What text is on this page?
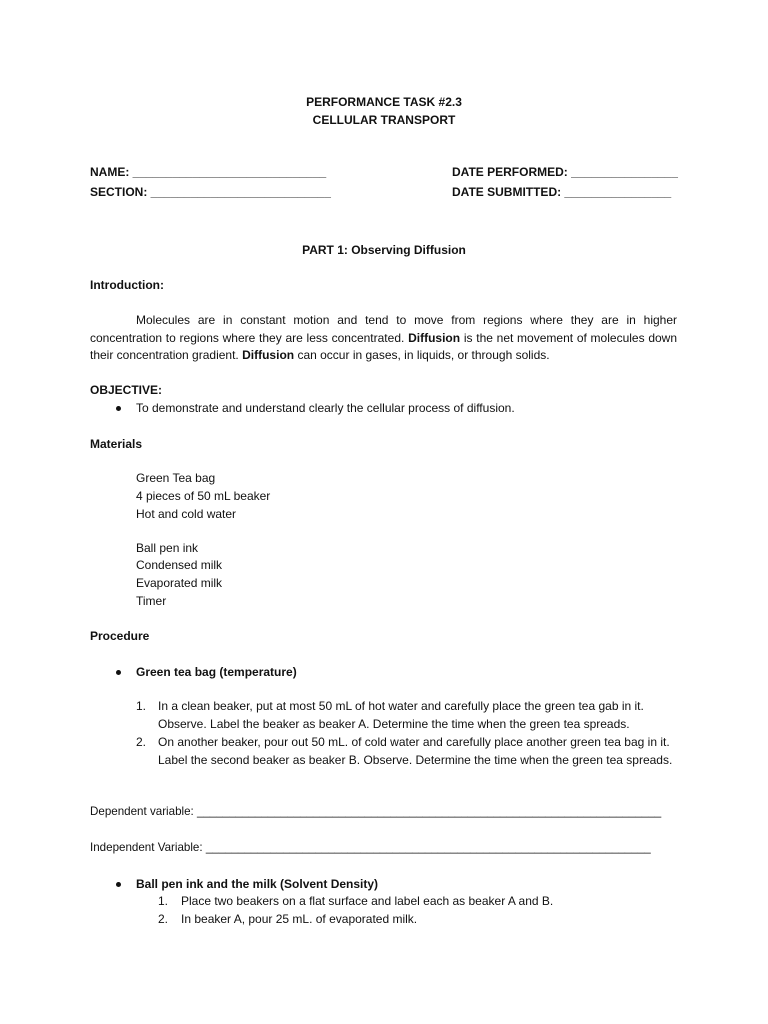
PERFORMANCE TASK #2.3
CELLULAR TRANSPORT
NAME: _____________________________
SECTION: ___________________________
DATE PERFORMED: ________________
DATE SUBMITTED: ________________
PART 1: Observing Diffusion
Introduction:
Molecules are in constant motion and tend to move from regions where they are in higher concentration to regions where they are less concentrated. Diffusion is the net movement of molecules down their concentration gradient. Diffusion can occur in gases, in liquids, or through solids.
OBJECTIVE:
To demonstrate and understand clearly the cellular process of diffusion.
Materials
Green Tea bag
4 pieces of 50 mL beaker
Hot and cold water
Ball pen ink
Condensed milk
Evaporated milk
Timer
Procedure
Green tea bag (temperature)
1. In a clean beaker, put at most 50 mL of hot water and carefully place the green tea gab in it. Observe. Label the beaker as beaker A. Determine the time when the green tea spreads.
2. On another beaker, pour out 50 mL. of cold water and carefully place another green tea bag in it. Label the second beaker as beaker B. Observe. Determine the time when the green tea spreads.
Dependent variable: ________________________________________________________________________
Independent Variable: _____________________________________________________________________
Ball pen ink and the milk (Solvent Density)
1. Place two beakers on a flat surface and label each as beaker A and B.
2. In beaker A, pour 25 mL. of evaporated milk.
